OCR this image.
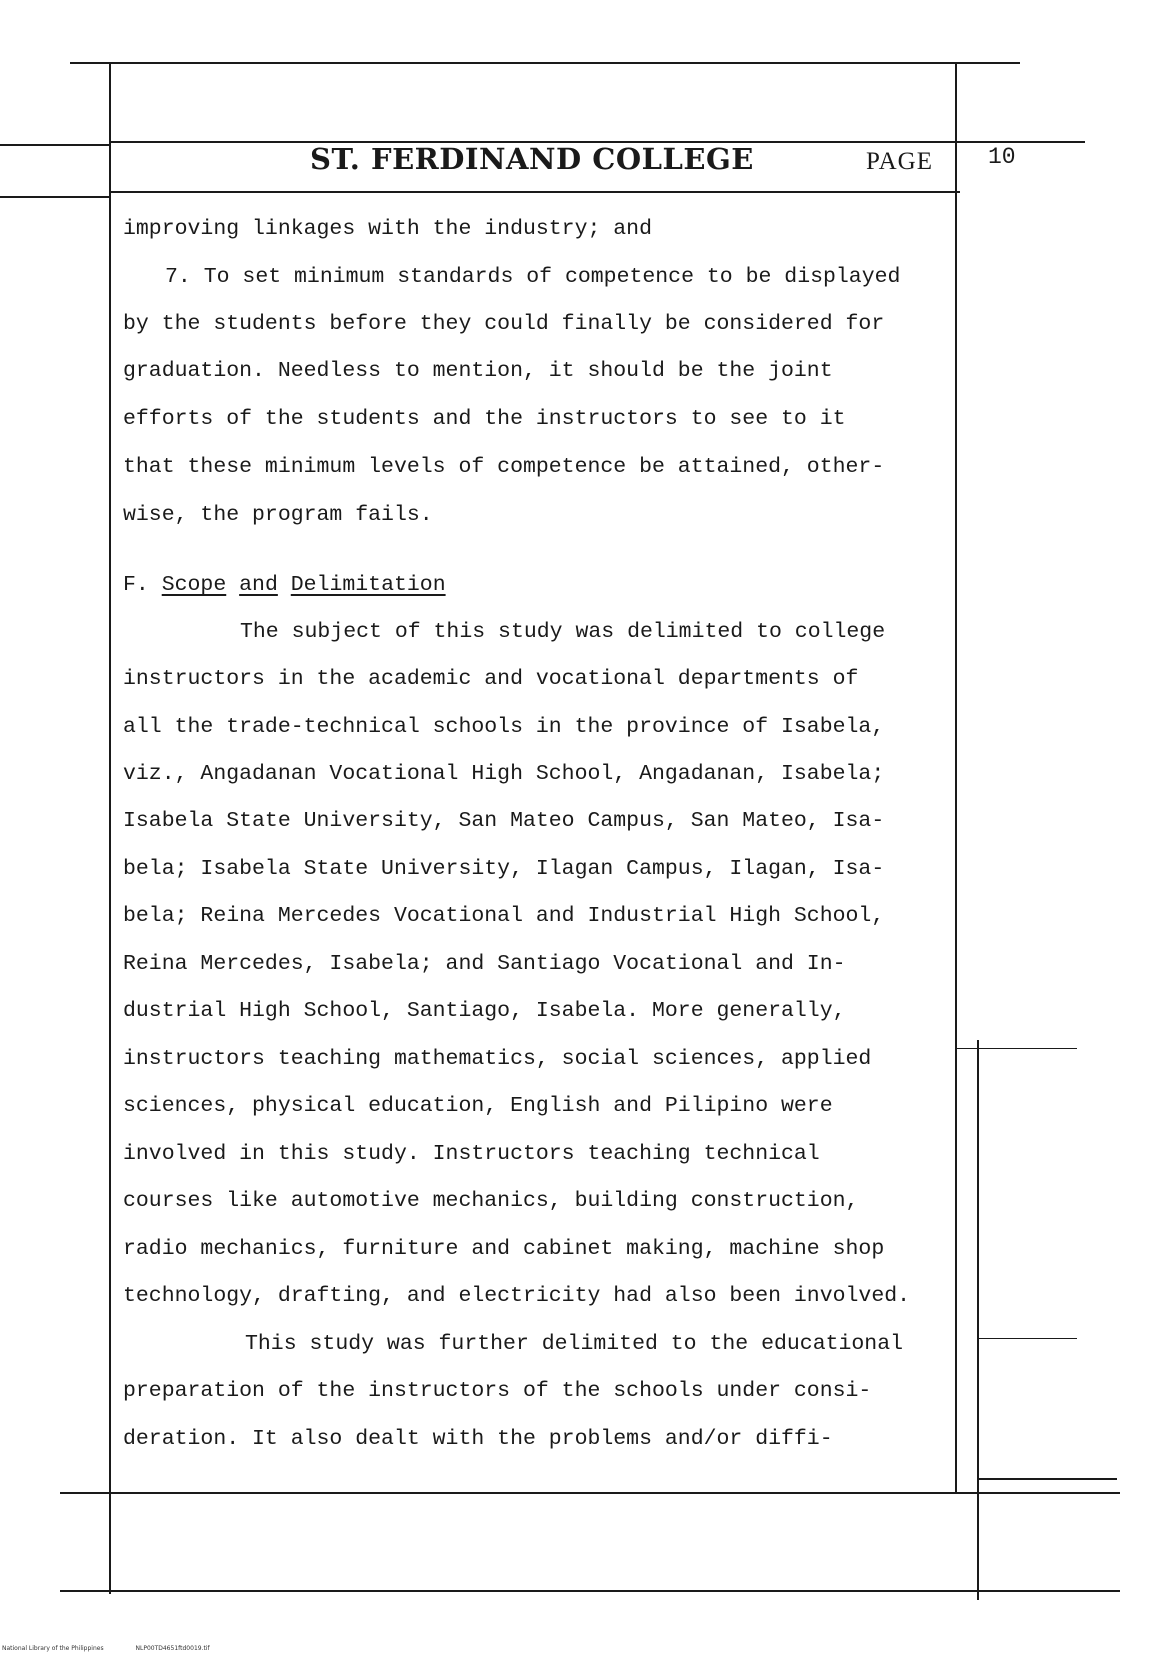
ST. FERDINAND COLLEGE	PAGE 10
improving linkages with the industry; and
7. To set minimum standards of competence to be displayed
by the students before they could finally be considered for
graduation. Needless to mention, it should be the joint
efforts of the students and the instructors to see to it
that these minimum levels of competence be attained, other-
wise, the program fails.
F. Scope and Delimitation
The subject of this study was delimited to college
instructors in the academic and vocational departments of
all the trade-technical schools in the province of Isabela,
viz., Angadanan Vocational High School, Angadanan, Isabela;
Isabela State University, San Mateo Campus, San Mateo, Isa-
bela; Isabela State University, Ilagan Campus, Ilagan, Isa-
bela; Reina Mercedes Vocational and Industrial High School,
Reina Mercedes, Isabela; and Santiago Vocational and In-
dustrial High School, Santiago, Isabela. More generally,
instructors teaching mathematics, social sciences, applied
sciences, physical education, English and Pilipino were
involved in this study. Instructors teaching technical
courses like automotive mechanics, building construction,
radio mechanics, furniture and cabinet making, machine shop
technology, drafting, and electricity had also been involved.
This study was further delimited to the educational
preparation of the instructors of the schools under consi-
deration. It also dealt with the problems and/or diffi-
National Library of the Philippines	NLP00TD4651ftd0019.tif
